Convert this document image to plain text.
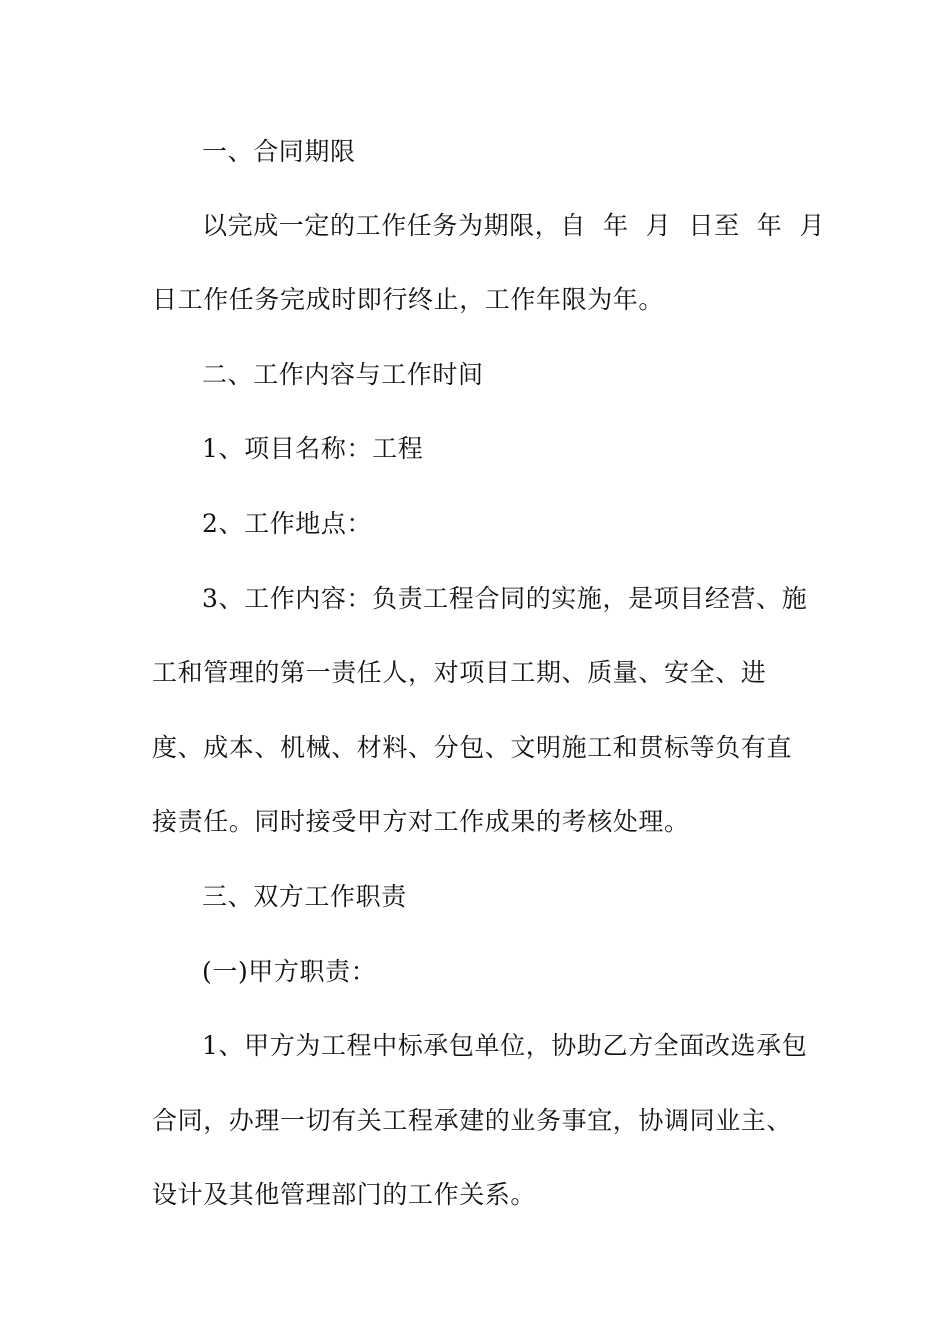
一、合同期限
以完成一定的工作任务为期限，自  年  月  日至  年  月
日工作任务完成时即行终止，工作年限为年。
二、工作内容与工作时间
1、项目名称：工程
2、工作地点：
3、工作内容：负责工程合同的实施，是项目经营、施
工和管理的第一责任人，对项目工期、质量、安全、进
度、成本、机械、材料、分包、文明施工和贯标等负有直
接责任。同时接受甲方对工作成果的考核处理。
三、双方工作职责
(一)甲方职责：
1、甲方为工程中标承包单位，协助乙方全面改选承包
合同，办理一切有关工程承建的业务事宜，协调同业主、
设计及其他管理部门的工作关系。
